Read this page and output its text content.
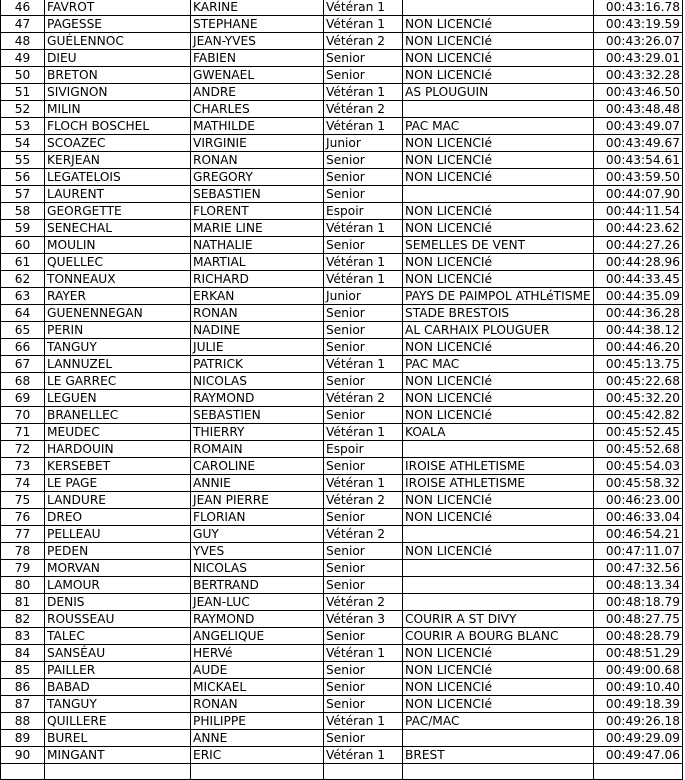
46	FAVROT	KARINE	Vétéran 1		00:43:16.78
47	PAGESSE	STEPHANE	Vétéran 1	NON LICENCIé	00:43:19.59
48	GUÉLENNOC	JEAN-YVES	Vétéran 2	NON LICENCIé	00:43:26.07
49	DIEU	FABIEN	Senior	NON LICENCIé	00:43:29.01
50	BRETON	GWENAEL	Senior	NON LICENCIé	00:43:32.28
51	SIVIGNON	ANDRE	Vétéran 1	AS PLOUGUIN	00:43:46.50
52	MILIN	CHARLES	Vétéran 2		00:43:48.48
53	FLOCH BOSCHEL	MATHILDE	Vétéran 1	PAC MAC	00:43:49.07
54	SCOAZEC	VIRGINIE	Junior	NON LICENCIé	00:43:49.67
55	KERJEAN	RONAN	Senior	NON LICENCIé	00:43:54.61
56	LEGATELOIS	GREGORY	Senior	NON LICENCIé	00:43:59.50
57	LAURENT	SEBASTIEN	Senior		00:44:07.90
58	GEORGETTE	FLORENT	Espoir	NON LICENCIé	00:44:11.54
59	SENECHAL	MARIE LINE	Vétéran 1	NON LICENCIé	00:44:23.62
60	MOULIN	NATHALIE	Senior	SEMELLES DE VENT	00:44:27.26
61	QUELLEC	MARTIAL	Vétéran 1	NON LICENCIé	00:44:28.96
62	TONNEAUX	RICHARD	Vétéran 1	NON LICENCIé	00:44:33.45
63	RAYER	ERKAN	Junior	PAYS DE PAIMPOL ATHLéTISME	00:44:35.09
64	GUENENNEGAN	RONAN	Senior	STADE BRESTOIS	00:44:36.28
65	PERIN	NADINE	Senior	AL CARHAIX PLOUGUER	00:44:38.12
66	TANGUY	JULIE	Senior	NON LICENCIé	00:44:46.20
67	LANNUZEL	PATRICK	Vétéran 1	PAC MAC	00:45:13.75
68	LE GARREC	NICOLAS	Senior	NON LICENCIé	00:45:22.68
69	LEGUEN	RAYMOND	Vétéran 2	NON LICENCIé	00:45:32.20
70	BRANELLEC	SEBASTIEN	Senior	NON LICENCIé	00:45:42.82
71	MEUDEC	THIERRY	Vétéran 1	KOALA	00:45:52.45
72	HARDOUIN	ROMAIN	Espoir		00:45:52.68
73	KERSEBET	CAROLINE	Senior	IROISE ATHLETISME	00:45:54.03
74	LE PAGE	ANNIE	Vétéran 1	IROISE ATHLETISME	00:45:58.32
75	LANDURE	JEAN PIERRE	Vétéran 2	NON LICENCIé	00:46:23.00
76	DREO	FLORIAN	Senior	NON LICENCIé	00:46:33.04
77	PELLEAU	GUY	Vétéran 2		00:46:54.21
78	PEDEN	YVES	Senior	NON LICENCIé	00:47:11.07
79	MORVAN	NICOLAS	Senior		00:47:32.56
80	LAMOUR	BERTRAND	Senior		00:48:13.34
81	DENIS	JEAN-LUC	Vétéran 2		00:48:18.79
82	ROUSSEAU	RAYMOND	Vétéran 3	COURIR A ST DIVY	00:48:27.75
83	TALEC	ANGELIQUE	Senior	COURIR A BOURG BLANC	00:48:28.79
84	SANSÉAU	HERVé	Vétéran 1	NON LICENCIé	00:48:51.29
85	PAILLER	AUDE	Senior	NON LICENCIé	00:49:00.68
86	BABAD	MICKAEL	Senior	NON LICENCIé	00:49:10.40
87	TANGUY	RONAN	Senior	NON LICENCIé	00:49:18.39
88	QUILLERE	PHILIPPE	Vétéran 1	PAC/MAC	00:49:26.18
89	BUREL	ANNE	Senior		00:49:29.09
90	MINGANT	ERIC	Vétéran 1	BREST	00:49:47.06
